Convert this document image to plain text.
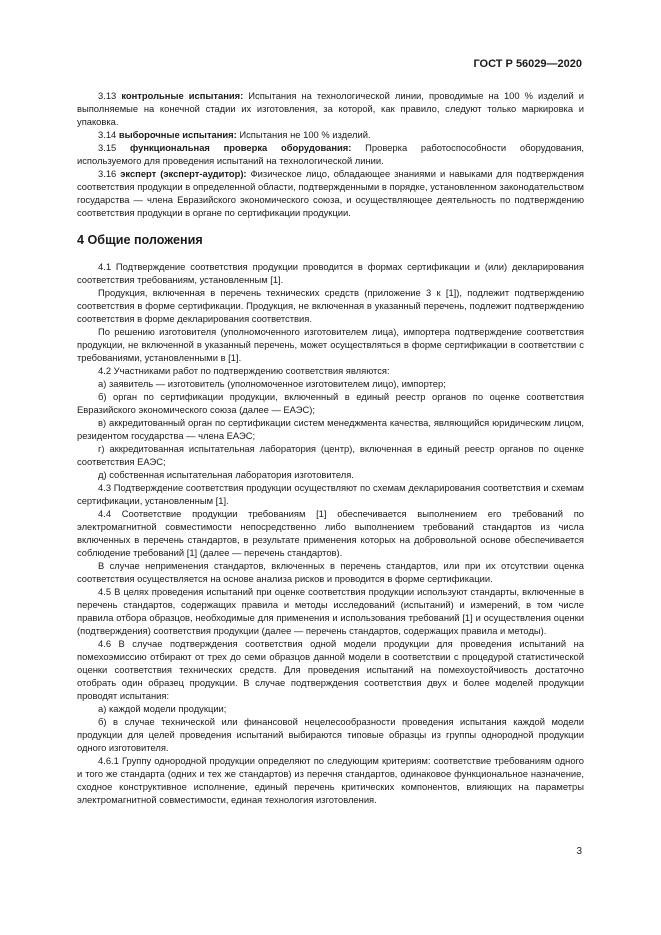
ГОСТ Р 56029—2020

3.13 контрольные испытания: Испытания на технологической линии, проводимые на 100 % изделий и выполняемые на конечной стадии их изготовления, за которой, как правило, следуют только маркировка и упаковка.

3.14 выборочные испытания: Испытания не 100 % изделий.

3.15 функциональная проверка оборудования: Проверка работоспособности оборудования, используемого для проведения испытаний на технологической линии.

3.16 эксперт (эксперт-аудитор): Физическое лицо, обладающее знаниями и навыками для подтверждения соответствия продукции в определенной области, подтвержденными в порядке, установленном законодательством государства — члена Евразийского экономического союза, и осуществляющее деятельность по подтверждению соответствия продукции в органе по сертификации продукции.

4 Общие положения

4.1 Подтверждение соответствия продукции проводится в формах сертификации и (или) декларирования соответствия требованиям, установленным [1].

Продукция, включенная в перечень технических средств (приложение 3 к [1]), подлежит подтверждению соответствия в форме сертификации. Продукция, не включенная в указанный перечень, подлежит подтверждению соответствия в форме декларирования соответствия.

По решению изготовителя (уполномоченного изготовителем лица), импортера подтверждение соответствия продукции, не включенной в указанный перечень, может осуществляться в форме сертификации в соответствии с требованиями, установленными в [1].

4.2 Участниками работ по подтверждению соответствия являются:

а) заявитель — изготовитель (уполномоченное изготовителем лицо), импортер;

б) орган по сертификации продукции, включенный в единый реестр органов по оценке соответствия Евразийского экономического союза (далее — ЕАЭС);

в) аккредитованный орган по сертификации систем менеджмента качества, являющийся юридическим лицом, резидентом государства — члена ЕАЭС;

г) аккредитованная испытательная лаборатория (центр), включенная в единый реестр органов по оценке соответствия ЕАЭС;

д) собственная испытательная лаборатория изготовителя.

4.3 Подтверждение соответствия продукции осуществляют по схемам декларирования соответствия и схемам сертификации, установленным [1].

4.4 Соответствие продукции требованиям [1] обеспечивается выполнением его требований по электромагнитной совместимости непосредственно либо выполнением требований стандартов из числа включенных в перечень стандартов, в результате применения которых на добровольной основе обеспечивается соблюдение требований [1] (далее — перечень стандартов).

В случае неприменения стандартов, включенных в перечень стандартов, или при их отсутствии оценка соответствия осуществляется на основе анализа рисков и проводится в форме сертификации.

4.5 В целях проведения испытаний при оценке соответствия продукции используют стандарты, включенные в перечень стандартов, содержащих правила и методы исследований (испытаний) и измерений, в том числе правила отбора образцов, необходимые для применения и использования требований [1] и осуществления оценки (подтверждения) соответствия продукции (далее — перечень стандартов, содержащих правила и методы).

4.6 В случае подтверждения соответствия одной модели продукции для проведения испытаний на помехоэмиссию отбирают от трех до семи образцов данной модели в соответствии с процедурой статистической оценки соответствия технических средств. Для проведения испытаний на помехоустойчивость достаточно отобрать один образец продукции. В случае подтверждения соответствия двух и более моделей продукции проводят испытания:

а) каждой модели продукции;

б) в случае технической или финансовой нецелесообразности проведения испытания каждой модели продукции для целей проведения испытаний выбираются типовые образцы из группы однородной продукции одного изготовителя.

4.6.1 Группу однородной продукции определяют по следующим критериям: соответствие требованиям одного и того же стандарта (одних и тех же стандартов) из перечня стандартов, одинаковое функциональное назначение, сходное конструктивное исполнение, единый перечень критических компонентов, влияющих на параметры электромагнитной совместимости, единая технология изготовления.

3
